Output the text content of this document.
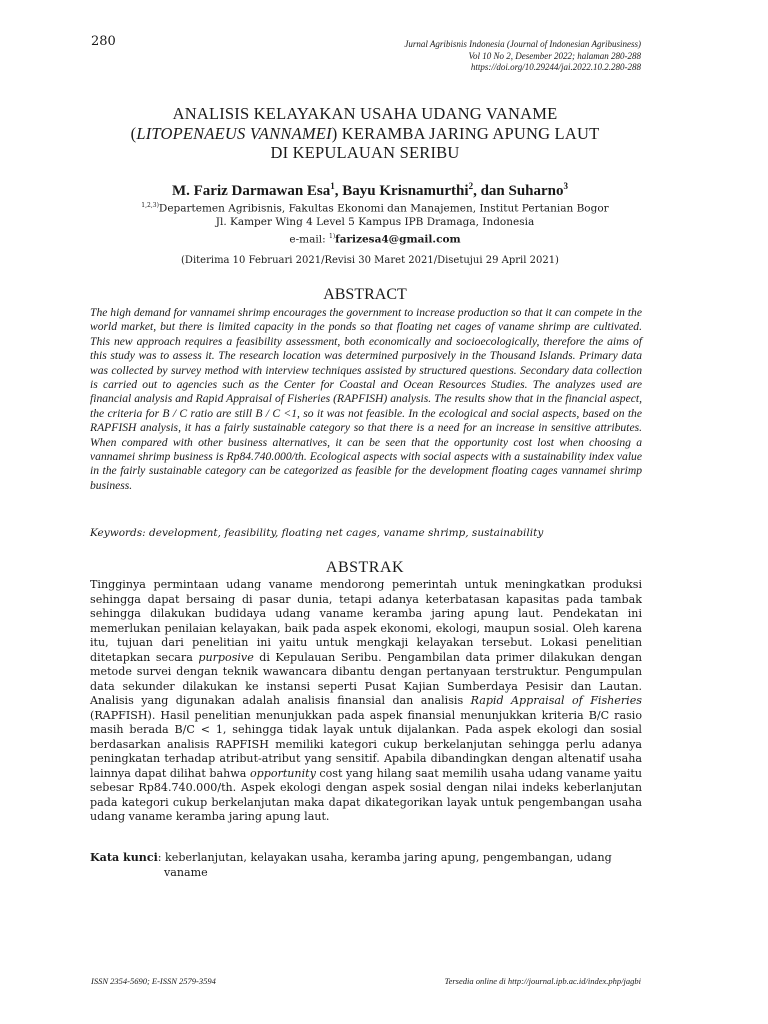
280	Jurnal Agribisnis Indonesia (Journal of Indonesian Agribusiness)
Vol 10 No 2, Desember 2022; halaman 280-288
https://doi.org/10.29244/jai.2022.10.2.280-288
ANALISIS KELAYAKAN USAHA UDANG VANAME
(LITOPENAEUS VANNAMEI) KERAMBA JARING APUNG LAUT
DI KEPULAUAN SERIBU
M. Fariz Darmawan Esa$^1$, Bayu Krisnamurthi$^2$, dan Suharno$^3$
$^{1,2,3)}$Departemen Agribisnis, Fakultas Ekonomi dan Manajemen, Institut Pertanian Bogor
Jl. Kamper Wing 4 Level 5 Kampus IPB Dramaga, Indonesia
e-mail: $^{1)}$farizesa4@gmail.com
(Diterima 10 Februari 2021/Revisi 30 Maret 2021/Disetujui 29 April 2021)
ABSTRACT

The high demand for vannamei shrimp encourages the government to increase production so that it can compete in the world market, but there is limited capacity in the ponds so that floating net cages of vaname shrimp are cultivated. This new approach requires a feasibility assessment, both economically and socioecologically, therefore the aims of this study was to assess it. The research location was determined purposively in the Thousand Islands. Primary data was collected by survey method with interview techniques assisted by structured questions. Secondary data collection is carried out to agencies such as the Center for Coastal and Ocean Resources Studies. The analyzes used are financial analysis and Rapid Appraisal of Fisheries (RAPFISH) analysis. The results show that in the financial aspect, the criteria for B / C ratio are still B / C <1, so it was not feasible. In the ecological and social aspects, based on the RAPFISH analysis, it has a fairly sustainable category so that there is a need for an increase in sensitive attributes. When compared with other business alternatives, it can be seen that the opportunity cost lost when choosing a vannamei shrimp business is Rp84.740.000/th. Ecological aspects with social aspects with a sustainability index value in the fairly sustainable category can be categorized as feasible for the development floating cages vannamei shrimp business.

Keywords: development, feasibility, floating net cages, vaname shrimp, sustainability
ABSTRAK

Tingginya permintaan udang vaname mendorong pemerintah untuk meningkatkan produksi sehingga dapat bersaing di pasar dunia, tetapi adanya keterbatasan kapasitas pada tambak sehingga dilakukan budidaya udang vaname keramba jaring apung laut. Pendekatan ini memerlukan penilaian kelayakan, baik pada aspek ekonomi, ekologi, maupun sosial. Oleh karena itu, tujuan dari penelitian ini yaitu untuk mengkaji kelayakan tersebut. Lokasi penelitian ditetapkan secara purposive di Kepulauan Seribu. Pengambilan data primer dilakukan dengan metode survei dengan teknik wawancara dibantu dengan pertanyaan terstruktur. Pengumpulan data sekunder dilakukan ke instansi seperti Pusat Kajian Sumberdaya Pesisir dan Lautan. Analisis yang digunakan adalah analisis finansial dan analisis Rapid Appraisal of Fisheries (RAPFISH). Hasil penelitian menunjukkan pada aspek finansial menunjukkan kriteria B/C rasio masih berada B/C < 1, sehingga tidak layak untuk dijalankan. Pada aspek ekologi dan sosial berdasarkan analisis RAPFISH memiliki kategori cukup berkelanjutan sehingga perlu adanya peningkatan terhadap atribut-atribut yang sensitif. Apabila dibandingkan dengan altenatif usaha lainnya dapat dilihat bahwa opportunity cost yang hilang saat memilih usaha udang vaname yaitu sebesar Rp84.740.000/th. Aspek ekologi dengan aspek sosial dengan nilai indeks keberlanjutan pada kategori cukup berkelanjutan maka dapat dikategorikan layak untuk pengembangan usaha udang vaname keramba jaring apung laut.

Kata kunci: keberlanjutan, kelayakan usaha, keramba jaring apung, pengembangan, udang
vaname
ISSN 2354-5690; E-ISSN 2579-3594	Tersedia online di http://journal.ipb.ac.id/index.php/jagbi
